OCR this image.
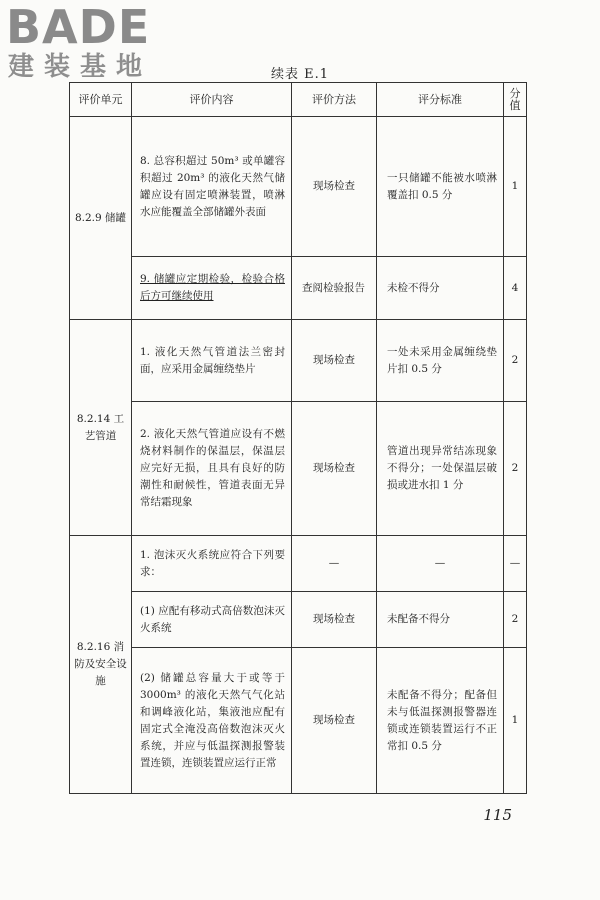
BADE
建装基地	续表 E.1
评价单元	评价内容	评价方法	评分标准	分值
8.2.9 储罐	8. 总容积超过 50m³ 或单罐容积超过 20m³ 的液化天然气储罐应设有固定喷淋装置，喷淋水应能覆盖全部储罐外表面	现场检查	一只储罐不能被水喷淋覆盖扣 0.5 分	1
	9. 储罐应定期检验，检验合格后方可继续使用	查阅检验报告	未检不得分	4
8.2.14 工艺管道	1. 液化天然气管道法兰密封面，应采用金属缠绕垫片	现场检查	一处未采用金属缠绕垫片扣 0.5 分	2
	2. 液化天然气管道应设有不燃烧材料制作的保温层，保温层应完好无损，且具有良好的防潮性和耐候性，管道表面无异常结霜现象	现场检查	管道出现异常结冻现象不得分；一处保温层破损或进水扣 1 分	2
8.2.16 消防及安全设施	1. 泡沫灭火系统应符合下列要求：	—	—	—
	(1) 应配有移动式高倍数泡沫灭火系统	现场检查	未配备不得分	2
	(2) 储罐总容量大于或等于 3000m³ 的液化天然气气化站和调峰液化站，集液池应配有固定式全淹没高倍数泡沫灭火系统，并应与低温探测报警装置连锁，连锁装置应运行正常	现场检查	未配备不得分；配备但未与低温探测报警器连锁或连锁装置运行不正常扣 0.5 分	1
115
